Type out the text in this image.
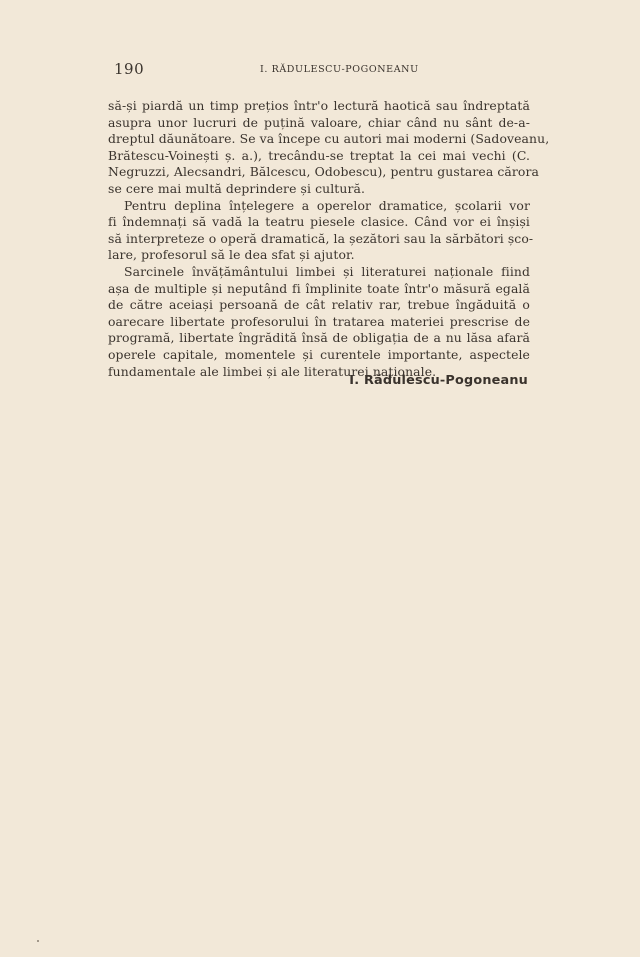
190	I. RĂDULESCU-POGONEANU
să-și piardă un timp prețios într'o lectură haotică sau îndreptată
asupra unor lucruri de puțină valoare, chiar când nu sânt de-a-
dreptul dăunătoare. Se va începe cu autori mai moderni (Sadoveanu,
Brătescu-Voinești ș. a.), trecându-se treptat la cei mai vechi (C.
Negruzzi, Alecsandri, Bălcescu, Odobescu), pentru gustarea cărora
se cere mai multă deprindere și cultură.
Pentru deplina înțelegere a operelor dramatice, școlarii vor
fi îndemnați să vadă la teatru piesele clasice. Când vor ei înșiși
să interpreteze o operă dramatică, la șezători sau la sărbători șco-
lare, profesorul să le dea sfat și ajutor.
Sarcinele învățământului limbei și literaturei naționale fiind
așa de multiple și neputând fi împlinite toate într'o măsură egală
de către aceiași persoană de cât relativ rar, trebue îngăduită o
oarecare libertate profesorului în tratarea materiei prescrise de
programă, libertate îngrădită însă de obligația de a nu lăsa afară
operele capitale, momentele și curentele importante, aspectele
fundamentale ale limbei și ale literaturei naționale.
I. Rădulescu-Pogoneanu
